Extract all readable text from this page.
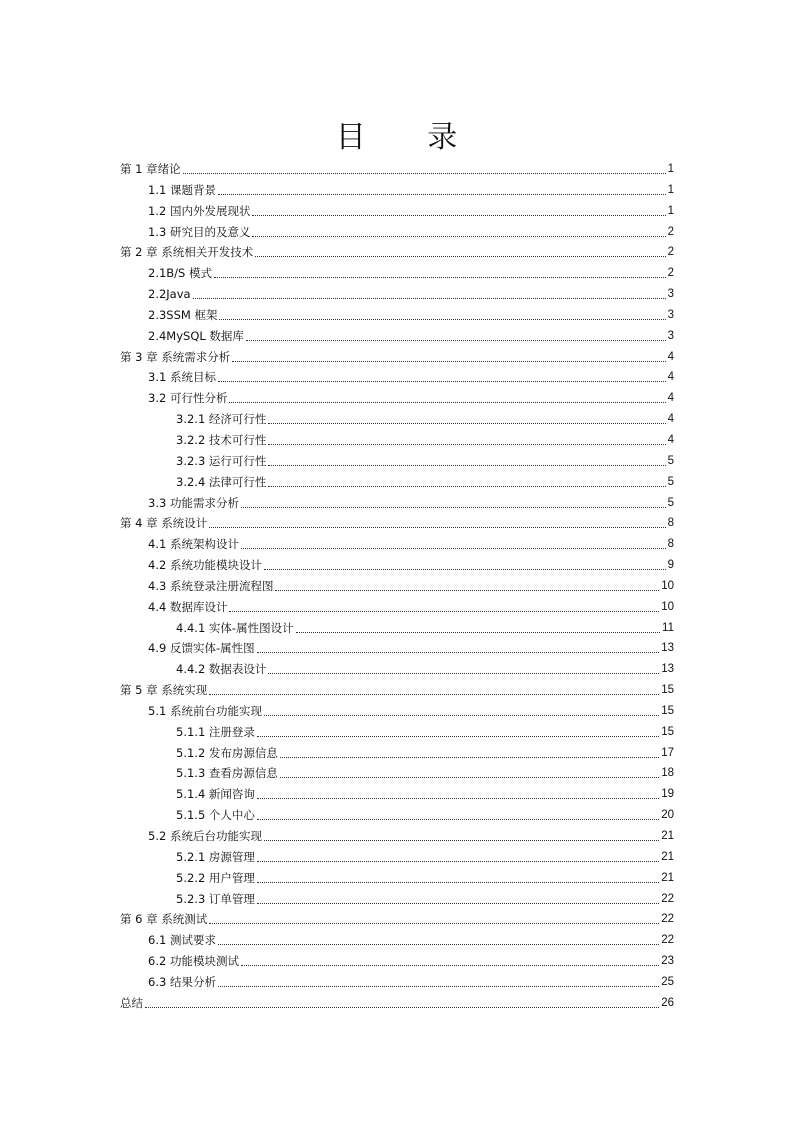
目 录
第 1 章绪论	1
1.1 课题背景	1
1.2 国内外发展现状	1
1.3 研究目的及意义	2
第 2 章 系统相关开发技术	2
2.1B/S 模式	2
2.2Java	3
2.3SSM 框架	3
2.4MySQL 数据库	3
第 3 章 系统需求分析	4
3.1 系统目标	4
3.2 可行性分析	4
3.2.1 经济可行性	4
3.2.2 技术可行性	4
3.2.3 运行可行性	5
3.2.4 法律可行性	5
3.3 功能需求分析	5
第 4 章 系统设计	8
4.1 系统架构设计	8
4.2 系统功能模块设计	9
4.3 系统登录注册流程图	10
4.4 数据库设计	10
4.4.1 实体-属性图设计	11
4.9 反馈实体-属性图	13
4.4.2 数据表设计	13
第 5 章 系统实现	15
5.1 系统前台功能实现	15
5.1.1 注册登录	15
5.1.2 发布房源信息	17
5.1.3 查看房源信息	18
5.1.4 新闻咨询	19
5.1.5 个人中心	20
5.2 系统后台功能实现	21
5.2.1 房源管理	21
5.2.2 用户管理	21
5.2.3 订单管理	22
第 6 章 系统测试	22
6.1 测试要求	22
6.2 功能模块测试	23
6.3 结果分析	25
总结	26
